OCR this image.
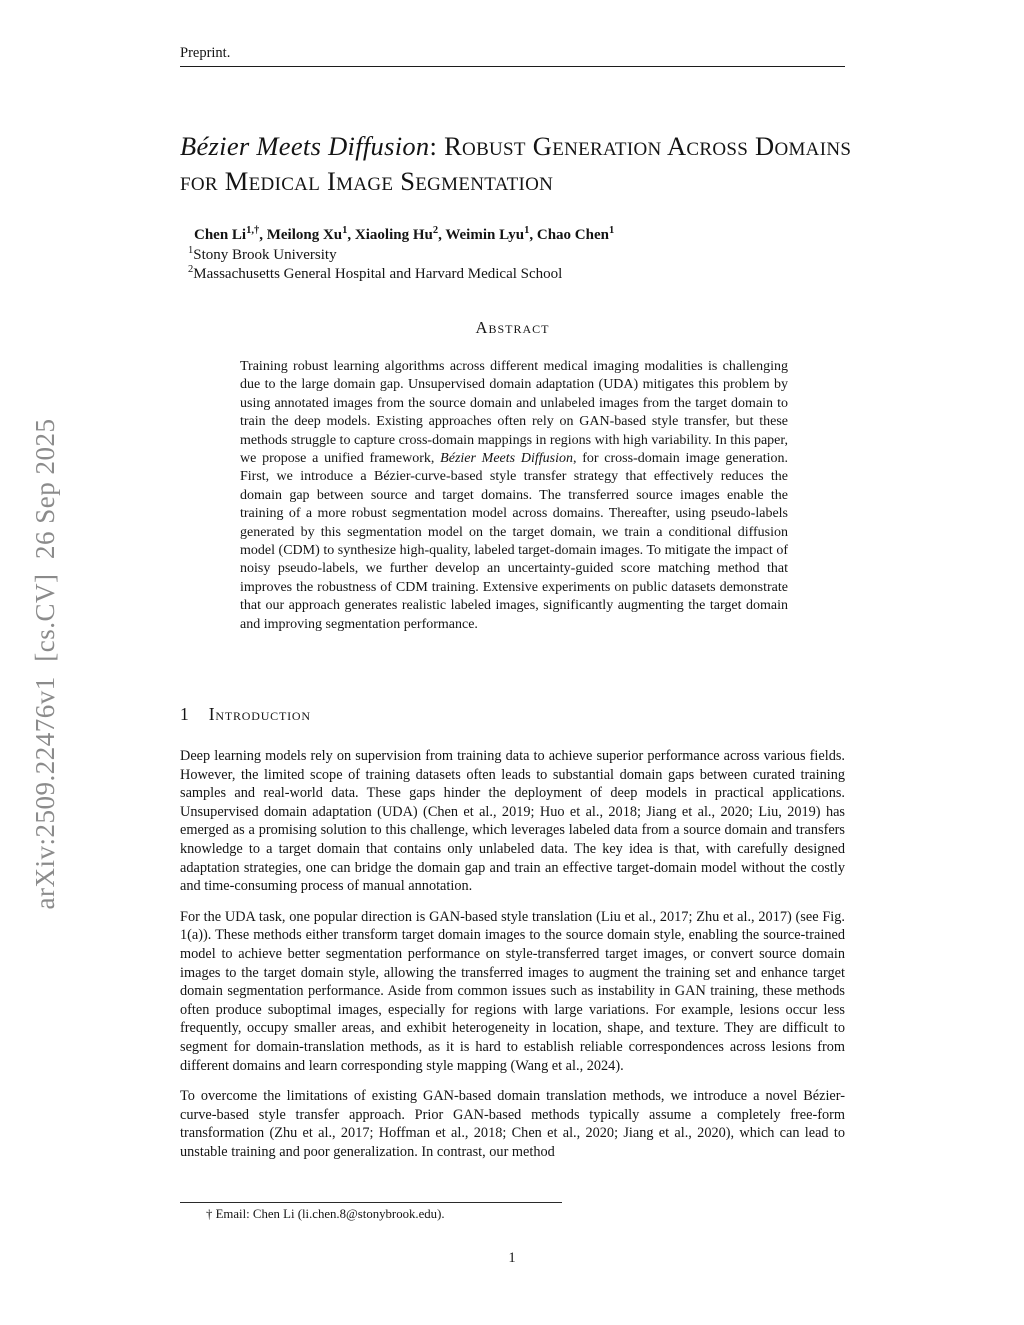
arXiv:2509.22476v1  [cs.CV]  26 Sep 2025
Preprint.
Bézier Meets Diffusion: Robust Generation Across Domains for Medical Image Segmentation
Chen $Li^{1,\dagger}$, Meilong Xu$^1$, Xiaoling Hu$^2$, Weimin Lyu$^1$, Chao Chen$^1$
$^1$Stony Brook University
$^2$Massachusetts General Hospital and Harvard Medical School
Abstract
Training robust learning algorithms across different medical imaging modalities is challenging due to the large domain gap. Unsupervised domain adaptation (UDA) mitigates this problem by using annotated images from the source domain and unlabeled images from the target domain to train the deep models. Existing approaches often rely on GAN-based style transfer, but these methods struggle to capture cross-domain mappings in regions with high variability. In this paper, we propose a unified framework, Bézier Meets Diffusion, for cross-domain image generation. First, we introduce a Bézier-curve-based style transfer strategy that effectively reduces the domain gap between source and target domains. The transferred source images enable the training of a more robust segmentation model across domains. Thereafter, using pseudo-labels generated by this segmentation model on the target domain, we train a conditional diffusion model (CDM) to synthesize high-quality, labeled target-domain images. To mitigate the impact of noisy pseudo-labels, we further develop an uncertainty-guided score matching method that improves the robustness of CDM training. Extensive experiments on public datasets demonstrate that our approach generates realistic labeled images, significantly augmenting the target domain and improving segmentation performance.
1 Introduction

Deep learning models rely on supervision from training data to achieve superior performance across various fields. However, the limited scope of training datasets often leads to substantial domain gaps between curated training samples and real-world data. These gaps hinder the deployment of deep models in practical applications. Unsupervised domain adaptation (UDA) (Chen et al., 2019; Huo et al., 2018; Jiang et al., 2020; Liu, 2019) has emerged as a promising solution to this challenge, which leverages labeled data from a source domain and transfers knowledge to a target domain that contains only unlabeled data. The key idea is that, with carefully designed adaptation strategies, one can bridge the domain gap and train an effective target-domain model without the costly and time-consuming process of manual annotation.

For the UDA task, one popular direction is GAN-based style translation (Liu et al., 2017; Zhu et al., 2017) (see Fig. 1(a)). These methods either transform target domain images to the source domain style, enabling the source-trained model to achieve better segmentation performance on style-transferred target images, or convert source domain images to the target domain style, allowing the transferred images to augment the training set and enhance target domain segmentation performance. Aside from common issues such as instability in GAN training, these methods often produce suboptimal images, especially for regions with large variations. For example, lesions occur less frequently, occupy smaller areas, and exhibit heterogeneity in location, shape, and texture. They are difficult to segment for domain-translation methods, as it is hard to establish reliable correspondences across lesions from different domains and learn corresponding style mapping (Wang et al., 2024).

To overcome the limitations of existing GAN-based domain translation methods, we introduce a novel Bézier-curve-based style transfer approach. Prior GAN-based methods typically assume a completely free-form transformation (Zhu et al., 2017; Hoffman et al., 2018; Chen et al., 2020; Jiang et al., 2020), which can lead to unstable training and poor generalization. In contrast, our method

† Email: Chen Li (li.chen.8@stonybrook.edu).
1
